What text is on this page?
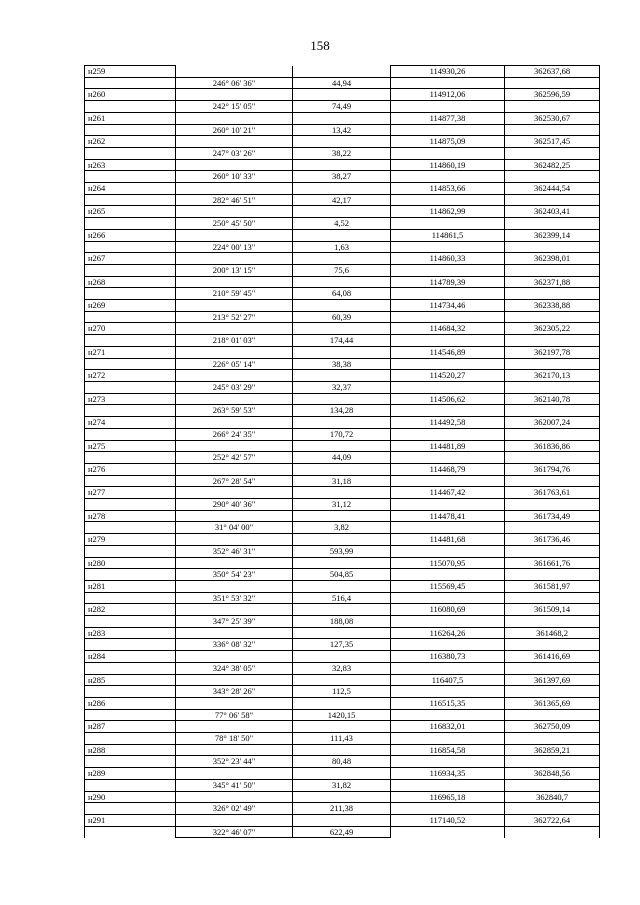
158
н259			114930,26	362637,68
	246° 06' 36"	44,94		
н260			114912,06	362596,59
	242° 15' 05"	74,49		
н261			114877,38	362530,67
	260° 10' 21"	13,42		
н262			114875,09	362517,45
	247° 03' 26"	38,22		
н263			114860,19	362482,25
	260° 10' 33"	38,27		
н264			114853,66	362444,54
	282° 46' 51"	42,17		
н265			114862,99	362403,41
	250° 45' 50"	4,52		
н266			114861,5	362399,14
	224° 00' 13"	1,63		
н267			114860,33	362398,01
	200° 13' 15"	75,6		
н268			114789,39	362371,88
	210° 59' 45"	64,08		
н269			114734,46	362338,88
	213° 52' 27"	60,39		
н270			114684,32	362305,22
	218° 01' 03"	174,44		
н271			114546,89	362197,78
	226° 05' 14"	38,38		
н272			114520,27	362170,13
	245° 03' 29"	32,37		
н273			114506,62	362140,78
	263° 59' 53"	134,28		
н274			114492,58	362007,24
	266° 24' 35"	170,72		
н275			114481,89	361836,86
	252° 42' 57"	44,09		
н276			114468,79	361794,76
	267° 28' 54"	31,18		
н277			114467,42	361763,61
	290° 40' 36"	31,12		
н278			114478,41	361734,49
	31° 04' 00"	3,82		
н279			114481,68	361736,46
	352° 46' 31"	593,99		
н280			115070,95	361661,76
	350° 54' 23"	504,85		
н281			115569,45	361581,97
	351° 53' 32"	516,4		
н282			116080,69	361509,14
	347° 25' 39"	188,08		
н283			116264,26	361468,2
	336° 08' 32"	127,35		
н284			116380,73	361416,69
	324° 38' 05"	32,83		
н285			116407,5	361397,69
	343° 28' 26"	112,5		
н286			116515,35	361365,69
	77° 06' 58"	1420,15		
н287			116832,01	362750,09
	78° 18' 50"	111,43		
н288			116854,58	362859,21
	352° 23' 44"	80,48		
н289			116934,35	362848,56
	345° 41' 50"	31,82		
н290			116965,18	362840,7
	326° 02' 49"	211,38		
н291			117140,52	362722,64
	322° 46' 07"	622,49		
